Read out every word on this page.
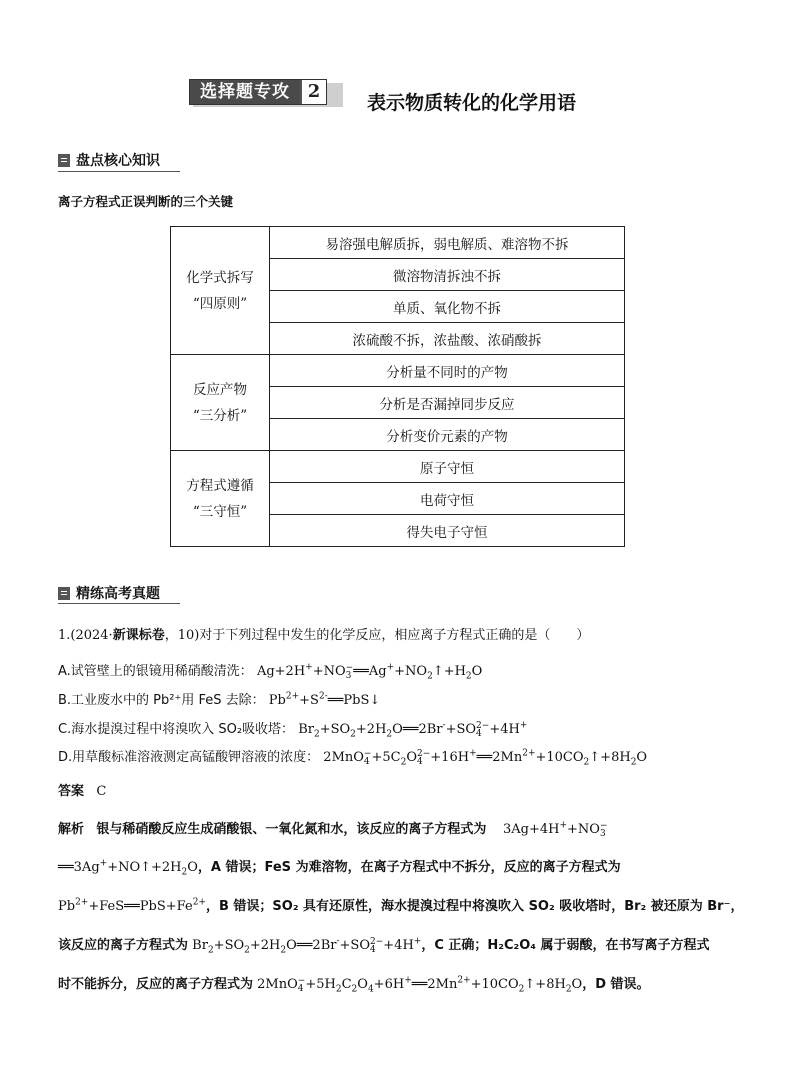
选择题专攻 2
表示物质转化的化学用语
盘点核心知识
离子方程式正误判断的三个关键
化学式拆写
“四原则”	易溶强电解质拆，弱电解质、难溶物不拆
	微溶物清拆浊不拆
	单质、氧化物不拆
	浓硫酸不拆，浓盐酸、浓硝酸拆

反应产物
“三分析”	分析量不同时的产物
	分析是否漏掉同步反应
	分析变价元素的产物

方程式遵循
“三守恒”	原子守恒
	电荷守恒
	得失电子守恒
精练高考真题
1.(2024·新课标卷，10)对于下列过程中发生的化学反应，相应离子方程式正确的是（　　）
A.试管壁上的银镜用稀硝酸清洗： Ag+2H++NO −
3 $══Ag^++NO_2↑+H_2O$
B.工业废水中的 Pb²⁺用 FeS 去除： $Pb^{2+}+S^{2-}══PbS↓$
C.海水提溴过程中将溴吹入 SO₂吸收塔： $Br_2+SO_2+2H_2O══2Br^-+SO$ 2−
4 +4H+
D.用草酸标准溶液测定高锰酸钾溶液的浓度： 2MnO −
$4 +5C_2O$ 2−
$4 +16H^+══2Mn^{2+}+10CO_2↑+8H_2O$
答案 C
解析 银与稀硝酸反应生成硝酸银、一氧化氮和水，该反应的离子方程式为 3Ag+4H++NO −
3
$══3Ag^++NO↑+2H_2O$，A 错误；FeS 为难溶物，在离子方程式中不拆分，反应的离子方程式为
$Pb^{2+}+FeS══PbS+Fe^{2+}$，B 错误；SO₂ 具有还原性，海水提溴过程中将溴吹入 SO₂ 吸收塔时，Br₂ 被还原为 Br⁻，
该反应的离子方程式为 $Br_2+SO_2+2H_2O══2Br^-+SO$ 2−
4 +4H+，C 正确；H₂C₂O₄ 属于弱酸，在书写离子方程式
时不能拆分，反应的离子方程式为 2MnO −
$4 +5H_2C_2O_4+6H^+══2Mn^{2+}+10CO_2↑+8H_2O$，D 错误。
